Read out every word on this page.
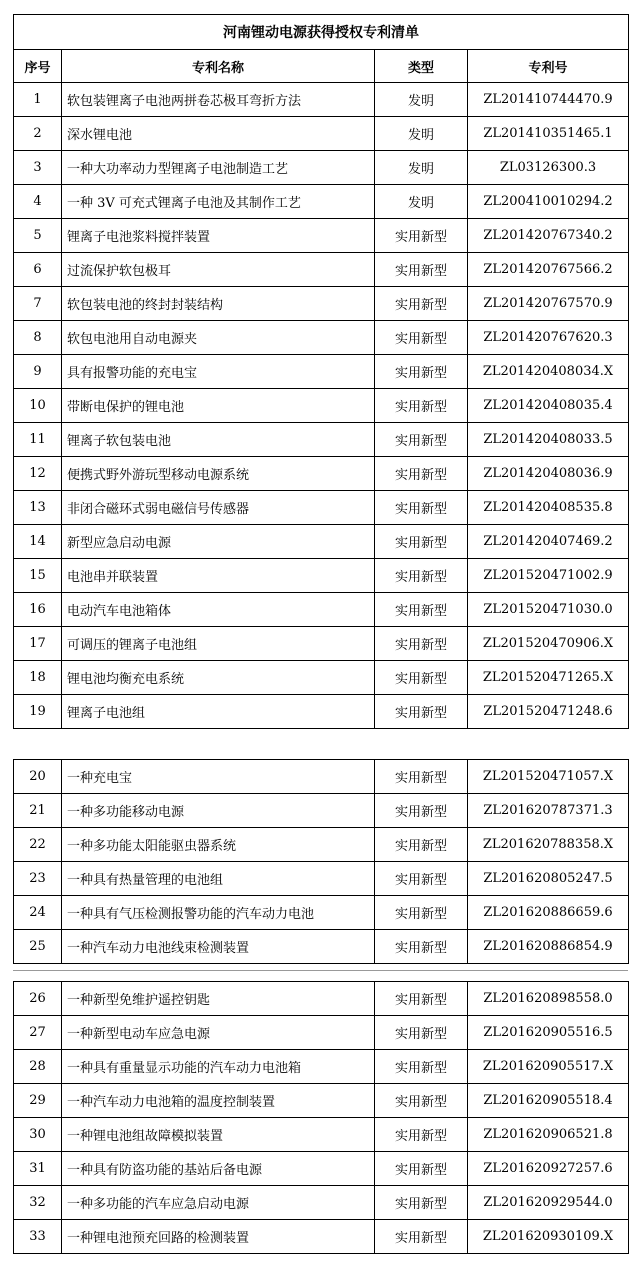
河南锂动电源获得授权专利清单			
序号	专利名称	类型	专利号
1	软包装锂离子电池两拼卷芯极耳弯折方法	发明	ZL201410744470.9
2	深水锂电池	发明	ZL201410351465.1
3	一种大功率动力型锂离子电池制造工艺	发明	ZL03126300.3
4	一种 3V 可充式锂离子电池及其制作工艺	发明	ZL200410010294.2
5	锂离子电池浆料搅拌装置	实用新型	ZL201420767340.2
6	过流保护软包极耳	实用新型	ZL201420767566.2
7	软包装电池的终封封装结构	实用新型	ZL201420767570.9
8	软包电池用自动电源夹	实用新型	ZL201420767620.3
9	具有报警功能的充电宝	实用新型	ZL201420408034.X
10	带断电保护的锂电池	实用新型	ZL201420408035.4
11	锂离子软包装电池	实用新型	ZL201420408033.5
12	便携式野外游玩型移动电源系统	实用新型	ZL201420408036.9
13	非闭合磁环式弱电磁信号传感器	实用新型	ZL201420408535.8
14	新型应急启动电源	实用新型	ZL201420407469.2
15	电池串并联装置	实用新型	ZL201520471002.9
16	电动汽车电池箱体	实用新型	ZL201520471030.0
17	可调压的锂离子电池组	实用新型	ZL201520470906.X
18	锂电池均衡充电系统	实用新型	ZL201520471265.X
19	锂离子电池组	实用新型	ZL201520471248.6
20	一种充电宝	实用新型	ZL201520471057.X
21	一种多功能移动电源	实用新型	ZL201620787371.3
22	一种多功能太阳能驱虫器系统	实用新型	ZL201620788358.X
23	一种具有热量管理的电池组	实用新型	ZL201620805247.5
24	一种具有气压检测报警功能的汽车动力电池	实用新型	ZL201620886659.6
25	一种汽车动力电池线束检测装置	实用新型	ZL201620886854.9
26	一种新型免维护遥控钥匙	实用新型	ZL201620898558.0
27	一种新型电动车应急电源	实用新型	ZL201620905516.5
28	一种具有重量显示功能的汽车动力电池箱	实用新型	ZL201620905517.X
29	一种汽车动力电池箱的温度控制装置	实用新型	ZL201620905518.4
30	一种锂电池组故障模拟装置	实用新型	ZL201620906521.8
31	一种具有防盗功能的基站后备电源	实用新型	ZL201620927257.6
32	一种多功能的汽车应急启动电源	实用新型	ZL201620929544.0
33	一种锂电池预充回路的检测装置	实用新型	ZL201620930109.X
